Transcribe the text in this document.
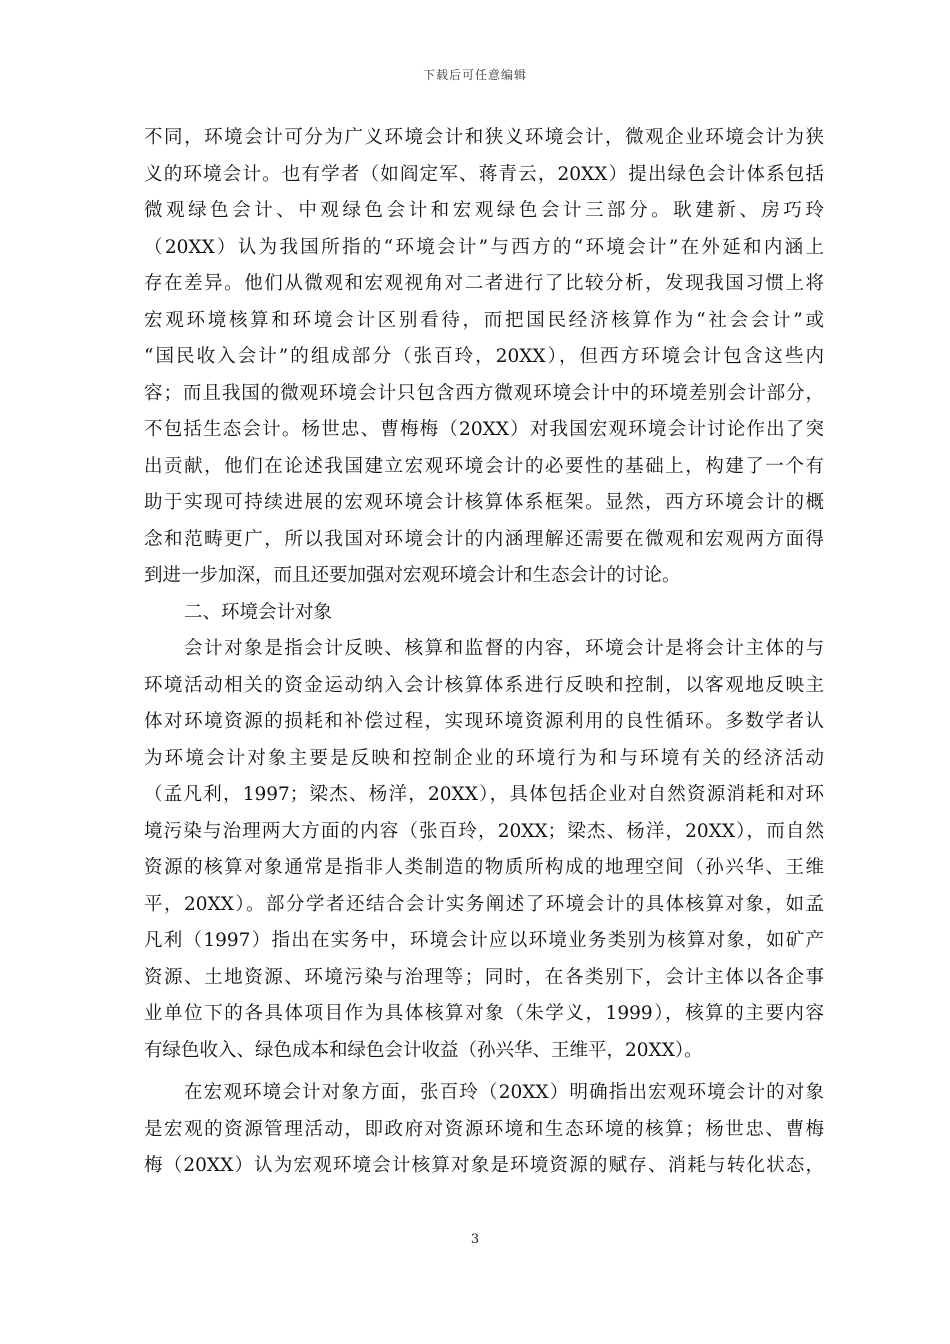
下载后可任意编辑
不同，环境会计可分为广义环境会计和狭义环境会计，微观企业环境会计为狭
义的环境会计。也有学者（如阎定军、蒋青云，20XX）提出绿色会计体系包括
微观绿色会计、中观绿色会计和宏观绿色会计三部分。耿建新、房巧玲
（20XX）认为我国所指的“环境会计”与西方的“环境会计”在外延和内涵上
存在差异。他们从微观和宏观视角对二者进行了比较分析，发现我国习惯上将
宏观环境核算和环境会计区别看待，而把国民经济核算作为“社会会计”或
“国民收入会计”的组成部分（张百玲，20XX），但西方环境会计包含这些内
容；而且我国的微观环境会计只包含西方微观环境会计中的环境差别会计部分，
不包括生态会计。杨世忠、曹梅梅（20XX）对我国宏观环境会计讨论作出了突
出贡献，他们在论述我国建立宏观环境会计的必要性的基础上，构建了一个有
助于实现可持续进展的宏观环境会计核算体系框架。显然，西方环境会计的概
念和范畴更广，所以我国对环境会计的内涵理解还需要在微观和宏观两方面得
到进一步加深，而且还要加强对宏观环境会计和生态会计的讨论。
二、环境会计对象
会计对象是指会计反映、核算和监督的内容，环境会计是将会计主体的与
环境活动相关的资金运动纳入会计核算体系进行反映和控制，以客观地反映主
体对环境资源的损耗和补偿过程，实现环境资源利用的良性循环。多数学者认
为环境会计对象主要是反映和控制企业的环境行为和与环境有关的经济活动
（孟凡利，1997；梁杰、杨洋，20XX），具体包括企业对自然资源消耗和对环
境污染与治理两大方面的内容（张百玲，20XX；梁杰、杨洋，20XX），而自然
资源的核算对象通常是指非人类制造的物质所构成的地理空间（孙兴华、王维
平，20XX）。部分学者还结合会计实务阐述了环境会计的具体核算对象，如孟
凡利（1997）指出在实务中，环境会计应以环境业务类别为核算对象，如矿产
资源、土地资源、环境污染与治理等；同时，在各类别下，会计主体以各企事
业单位下的各具体项目作为具体核算对象（朱学义，1999），核算的主要内容
有绿色收入、绿色成本和绿色会计收益（孙兴华、王维平，20XX）。
在宏观环境会计对象方面，张百玲（20XX）明确指出宏观环境会计的对象
是宏观的资源管理活动，即政府对资源环境和生态环境的核算；杨世忠、曹梅
梅（20XX）认为宏观环境会计核算对象是环境资源的赋存、消耗与转化状态，
3
